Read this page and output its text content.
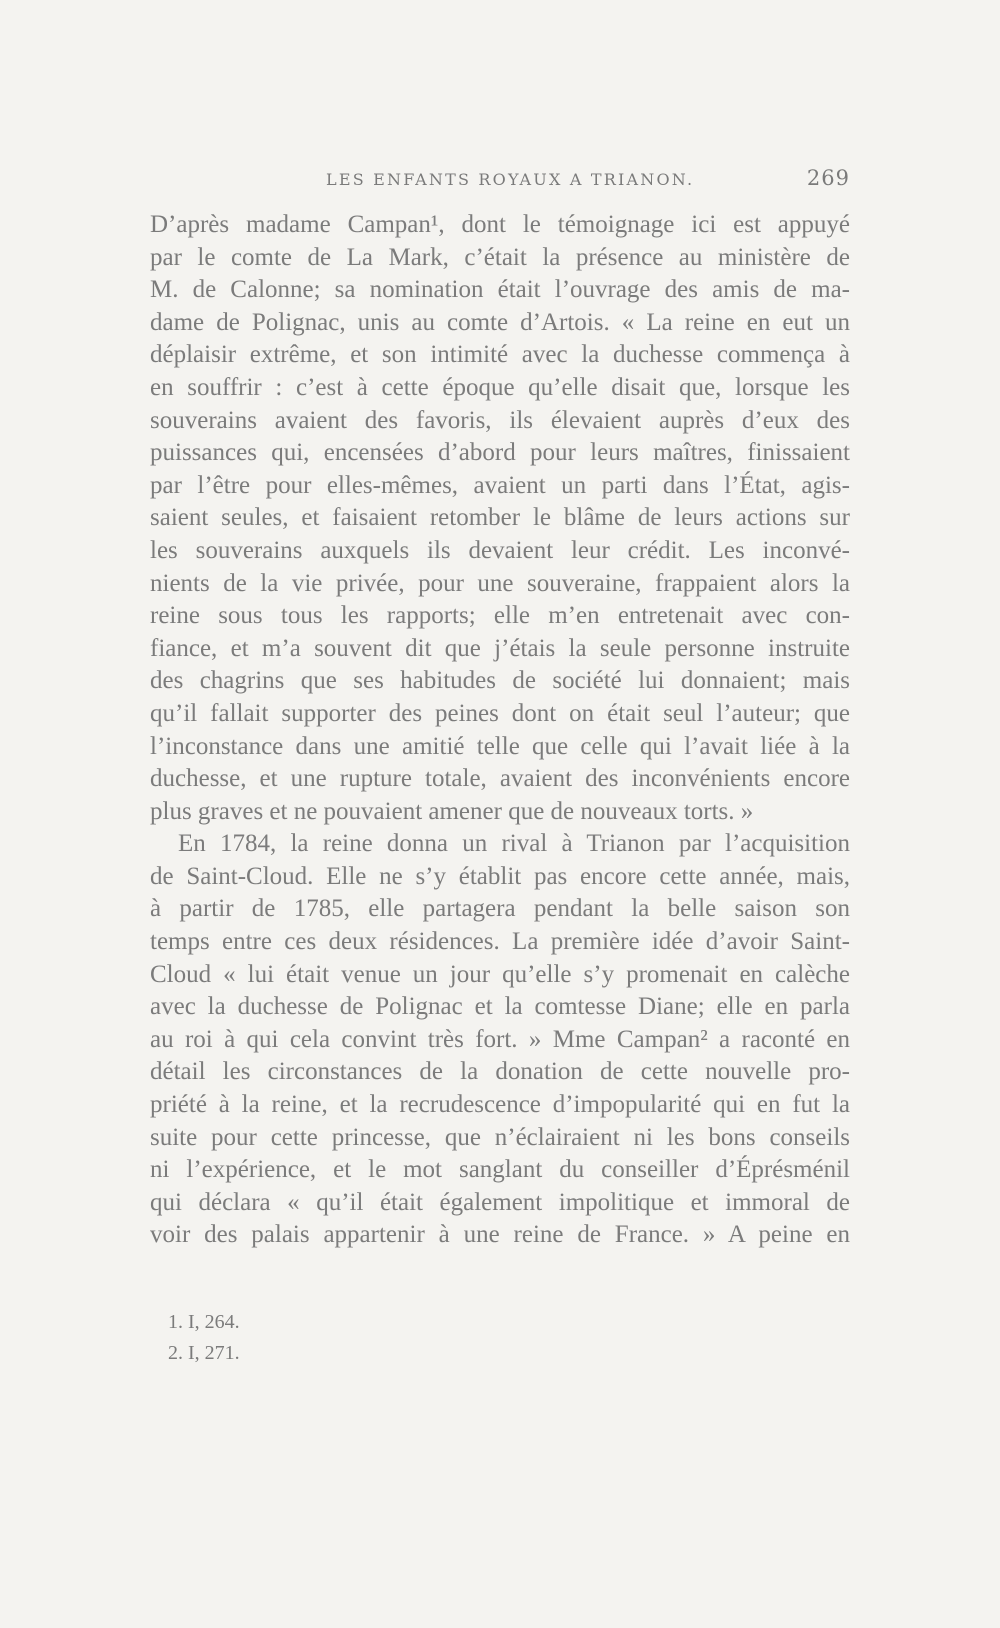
LES ENFANTS ROYAUX A TRIANON.	269
D’après madame Campan¹, dont le témoignage ici est appuyé
par le comte de La Mark, c’était la présence au ministère de
M. de Calonne; sa nomination était l’ouvrage des amis de ma-
dame de Polignac, unis au comte d’Artois. « La reine en eut un
déplaisir extrême, et son intimité avec la duchesse commença à
en souffrir : c’est à cette époque qu’elle disait que, lorsque les
souverains avaient des favoris, ils élevaient auprès d’eux des
puissances qui, encensées d’abord pour leurs maîtres, finissaient
par l’être pour elles-mêmes, avaient un parti dans l’État, agis-
saient seules, et faisaient retomber le blâme de leurs actions sur
les souverains auxquels ils devaient leur crédit. Les inconvé-
nients de la vie privée, pour une souveraine, frappaient alors la
reine sous tous les rapports; elle m’en entretenait avec con-
fiance, et m’a souvent dit que j’étais la seule personne instruite
des chagrins que ses habitudes de société lui donnaient; mais
qu’il fallait supporter des peines dont on était seul l’auteur; que
l’inconstance dans une amitié telle que celle qui l’avait liée à la
duchesse, et une rupture totale, avaient des inconvénients encore
plus graves et ne pouvaient amener que de nouveaux torts. »
En 1784, la reine donna un rival à Trianon par l’acquisition
de Saint-Cloud. Elle ne s’y établit pas encore cette année, mais,
à partir de 1785, elle partagera pendant la belle saison son
temps entre ces deux résidences. La première idée d’avoir Saint-
Cloud « lui était venue un jour qu’elle s’y promenait en calèche
avec la duchesse de Polignac et la comtesse Diane; elle en parla
au roi à qui cela convint très fort. » Mme Campan² a raconté en
détail les circonstances de la donation de cette nouvelle pro-
priété à la reine, et la recrudescence d’impopularité qui en fut la
suite pour cette princesse, que n’éclairaient ni les bons conseils
ni l’expérience, et le mot sanglant du conseiller d’Éprésménil
qui déclara « qu’il était également impolitique et immoral de
voir des palais appartenir à une reine de France. » A peine en
1. I, 264.
2. I, 271.
